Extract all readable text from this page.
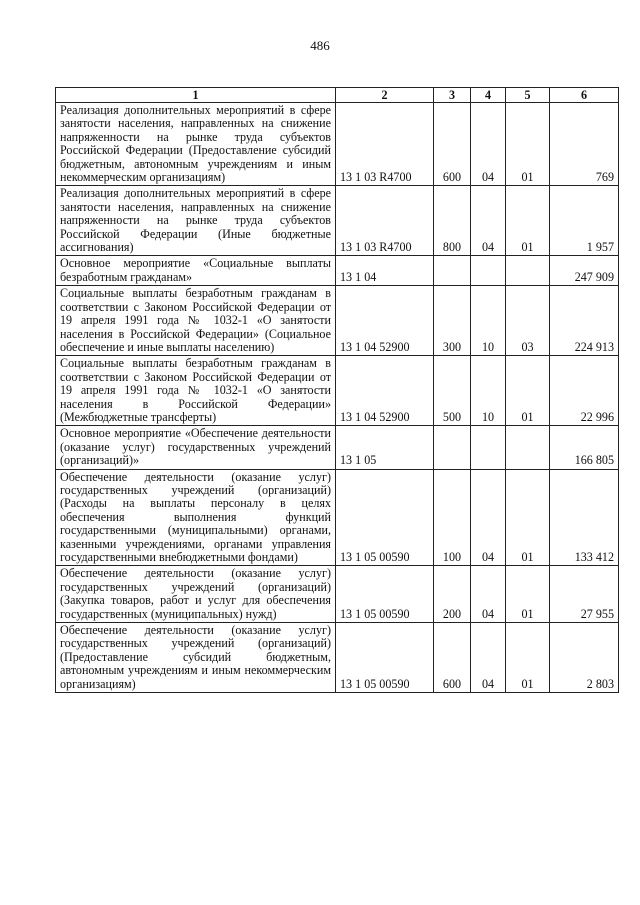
486
1	2	3	4	5	6
Реализация дополнительных мероприятий в сфере занятости населения, направленных на снижение напряженности на рынке труда субъектов Российской Федерации (Предоставление субсидий бюджетным, автономным учреждениям и иным некоммерческим организациям)	13 1 03 R4700	600	04	01	769
Реализация дополнительных мероприятий в сфере занятости населения, направленных на снижение напряженности на рынке труда субъектов Российской Федерации (Иные бюджетные ассигнования)	13 1 03 R4700	800	04	01	1 957
Основное мероприятие «Социальные выплаты безработным гражданам»	13 1 04				247 909
Социальные выплаты безработным гражданам в соответствии с Законом Российской Федерации от 19 апреля 1991 года № 1032-1 «О занятости населения в Российской Федерации» (Социальное обеспечение и иные выплаты населению)	13 1 04 52900	300	10	03	224 913
Социальные выплаты безработным гражданам в соответствии с Законом Российской Федерации от 19 апреля 1991 года № 1032-1 «О занятости населения в Российской Федерации» (Межбюджетные трансферты)	13 1 04 52900	500	10	01	22 996
Основное мероприятие «Обеспечение деятельности (оказание услуг) государственных учреждений (организаций)»	13 1 05				166 805
Обеспечение деятельности (оказание услуг) государственных учреждений (организаций) (Расходы на выплаты персоналу в целях обеспечения выполнения функций государственными (муниципальными) органами, казенными учреждениями, органами управления государственными внебюджетными фондами)	13 1 05 00590	100	04	01	133 412
Обеспечение деятельности (оказание услуг) государственных учреждений (организаций) (Закупка товаров, работ и услуг для обеспечения государственных (муниципальных) нужд)	13 1 05 00590	200	04	01	27 955
Обеспечение деятельности (оказание услуг) государственных учреждений (организаций) (Предоставление субсидий бюджетным, автономным учреждениям и иным некоммерческим организациям)	13 1 05 00590	600	04	01	2 803
